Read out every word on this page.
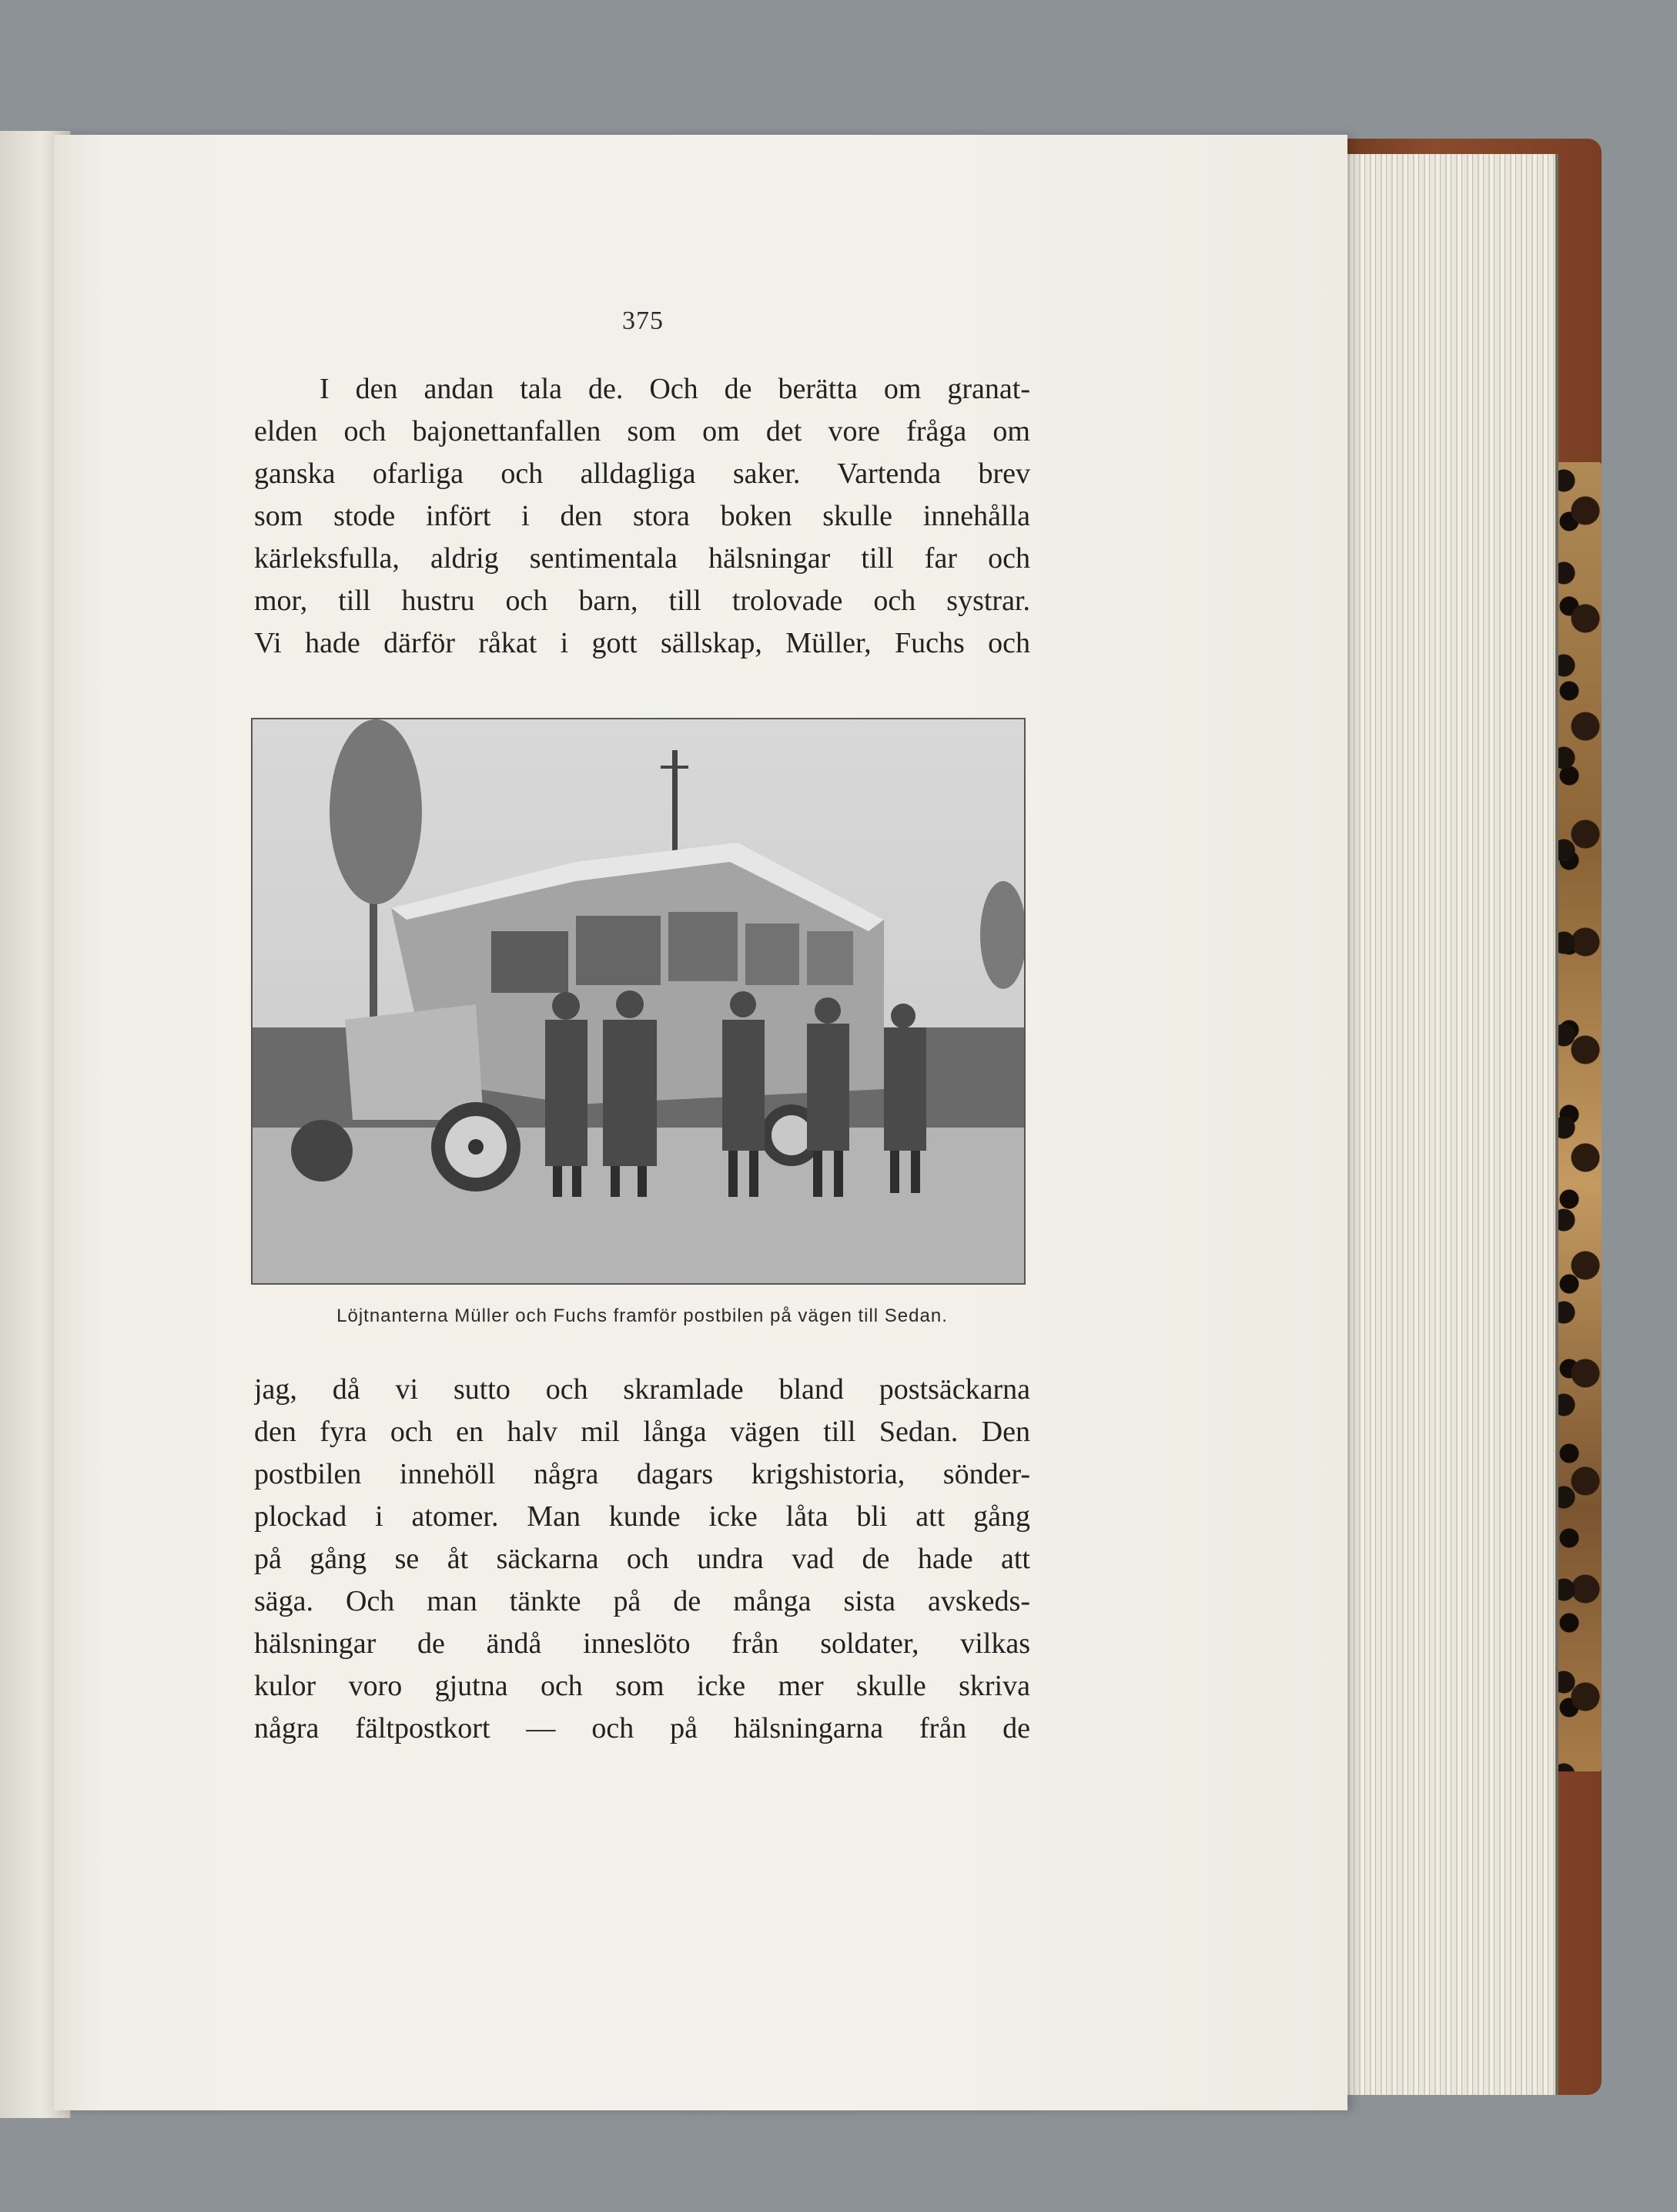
375
I den andan tala de. Och de berätta om granat-
elden och bajonettanfallen som om det vore fråga om
ganska ofarliga och alldagliga saker. Vartenda brev
som stode infört i den stora boken skulle innehålla
kärleksfulla, aldrig sentimentala hälsningar till far och
mor, till hustru och barn, till trolovade och systrar.
Vi hade därför råkat i gott sällskap, Müller, Fuchs och
Löjtnanterna Müller och Fuchs framför postbilen på vägen till Sedan.
jag, då vi sutto och skramlade bland postsäckarna
den fyra och en halv mil långa vägen till Sedan. Den
postbilen innehöll några dagars krigshistoria, sönder-
plockad i atomer. Man kunde icke låta bli att gång
på gång se åt säckarna och undra vad de hade att
säga. Och man tänkte på de många sista avskeds-
hälsningar de ändå inneslöto från soldater, vilkas
kulor voro gjutna och som icke mer skulle skriva
några fältpostkort — och på hälsningarna från de
